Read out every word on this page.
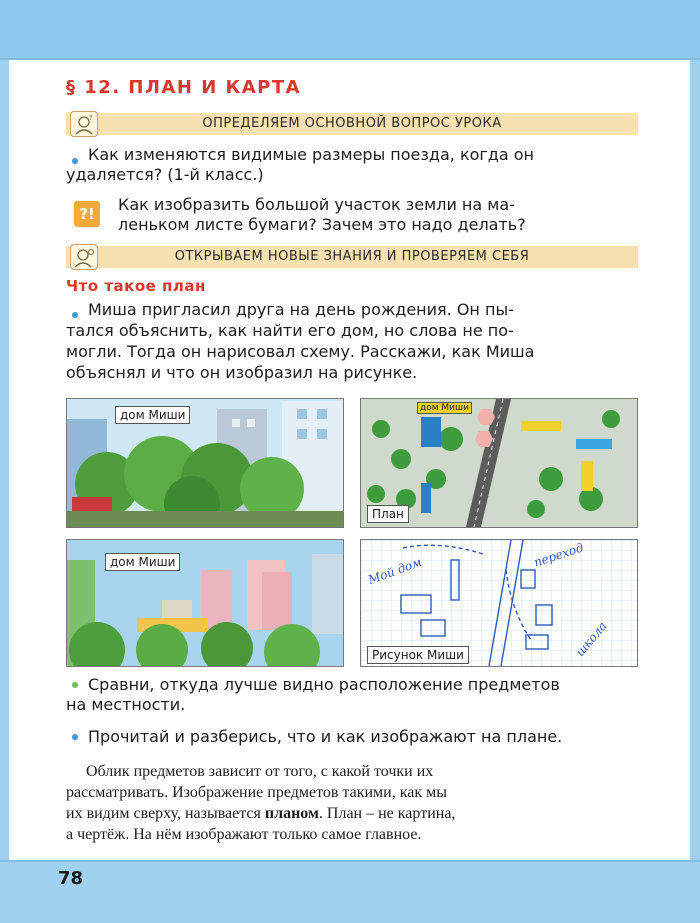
78
§ 12. ПЛАН И КАРТА
ОПРЕДЕЛЯЕМ ОСНОВНОЙ ВОПРОС УРОКА
?
Как изменяются видимые размеры поезда, когда он
удаляется? (1-й класс.)
?!	Как изобразить большой участок земли на ма-
леньком листе бумаги? Зачем это надо делать?
ОТКРЫВАЕМ НОВЫЕ ЗНАНИЯ И ПРОВЕРЯЕМ СЕБЯ
Что такое план
Миша пригласил друга на день рождения. Он пы-
тался объяснить, как найти его дом, но слова не по-
могли. Тогда он нарисовал схему. Расскажи, как Миша
объяснял и что он изобразил на рисунке.
дом Миши	дом Миши
План
дом Миши	Мой дом	переход
школа
Рисунок Миши
Сравни, откуда лучше видно расположение предметов
на местности.
Прочитай и разберись, что и как изображают на плане.
Облик предметов зависит от того, с какой точки их
рассматривать. Изображение предметов такими, как мы
их видим сверху, называется планом. План – не картина,
а чертёж. На нём изображают только самое главное.
